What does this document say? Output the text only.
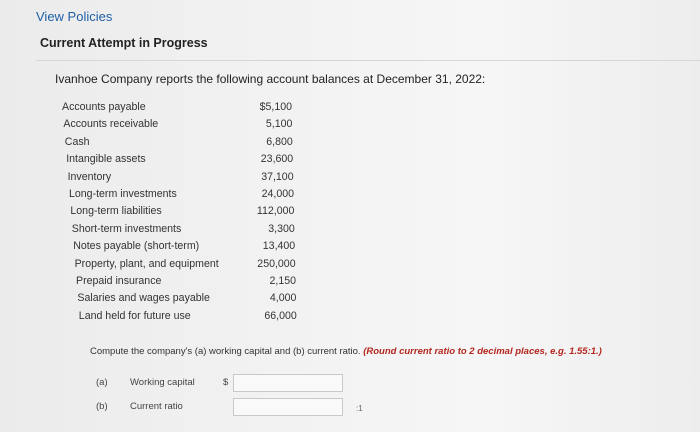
View Policies
Current Attempt in Progress
Ivanhoe Company reports the following account balances at December 31, 2022:
Accounts payable	$5,100
Accounts receivable	5,100
Cash	6,800
Intangible assets	23,600
Inventory	37,100
Long-term investments	24,000
Long-term liabilities	112,000
Short-term investments	3,300
Notes payable (short-term)	13,400
Property, plant, and equipment	250,000
Prepaid insurance	2,150
Salaries and wages payable	4,000
Land held for future use	66,000
Compute the company's (a) working capital and (b) current ratio. (Round current ratio to 2 decimal places, e.g. 1.55:1.)
(a) Working capital	$
(b) Current ratio	:1
